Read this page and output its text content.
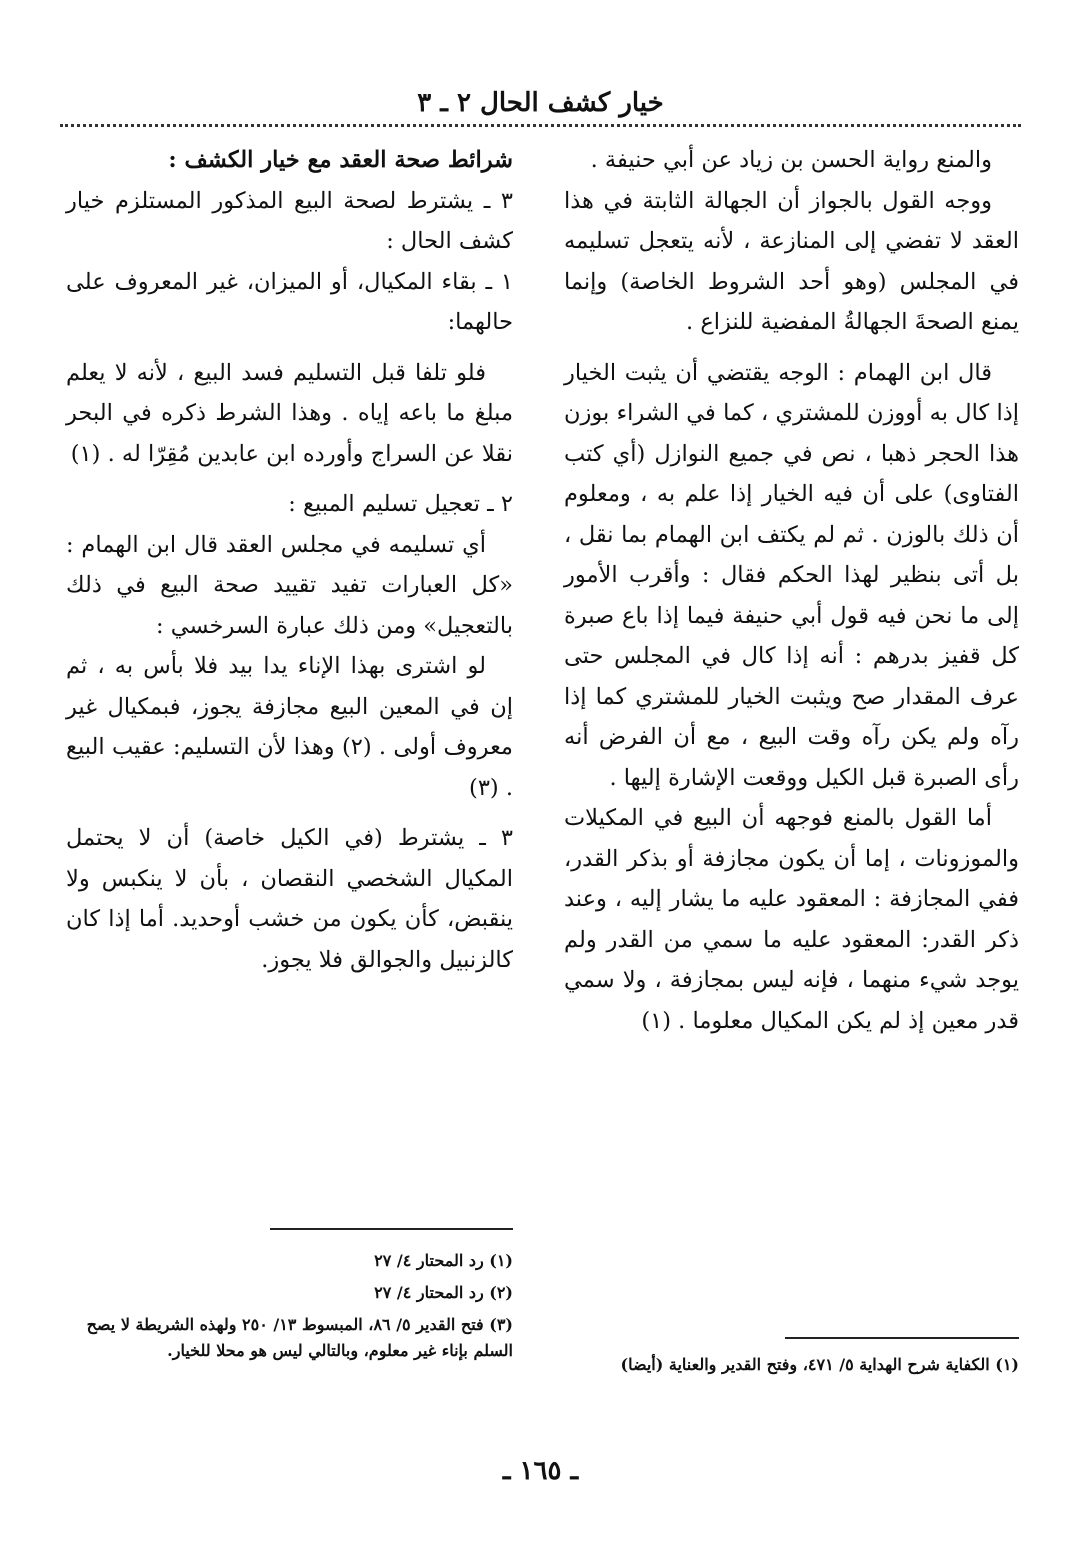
خيار كشف الحال ٢ ـ ٣

والمنع رواية الحسن بن زياد عن أبي حنيفة .

ووجه القول بالجواز أن الجهالة الثابتة في هذا العقد لا تفضي إلى المنازعة ، لأنه يتعجل تسليمه في المجلس (وهو أحد الشروط الخاصة) وإنما يمنع الصحةَ الجهالةُ المفضية للنزاع .

قال ابن الهمام : الوجه يقتضي أن يثبت الخيار إذا كال به أووزن للمشتري ، كما في الشراء بوزن هذا الحجر ذهبا ، نص في جميع النوازل (أي كتب الفتاوى) على أن فيه الخيار إذا علم به ، ومعلوم أن ذلك بالوزن . ثم لم يكتف ابن الهمام بما نقل ، بل أتى بنظير لهذا الحكم فقال : وأقرب الأمور إلى ما نحن فيه قول أبي حنيفة فيما إذا باع صبرة كل قفيز بدرهم : أنه إذا كال في المجلس حتى عرف المقدار صح ويثبت الخيار للمشتري كما إذا رآه ولم يكن رآه وقت البيع ، مع أن الفرض أنه رأى الصبرة قبل الكيل ووقعت الإشارة إليها .

أما القول بالمنع فوجهه أن البيع في المكيلات والموزونات ، إما أن يكون مجازفة أو بذكر القدر، ففي المجازفة : المعقود عليه ما يشار إليه ، وعند ذكر القدر: المعقود عليه ما سمي من القدر ولم يوجد شيء منهما ، فإنه ليس بمجازفة ، ولا سمي قدر معين إذ لم يكن المكيال معلوما . (١)

شرائط صحة العقد مع خيار الكشف :

٣ ـ يشترط لصحة البيع المذكور المستلزم خيار كشف الحال :

١ ـ بقاء المكيال، أو الميزان، غير المعروف على حالهما:

فلو تلفا قبل التسليم فسد البيع ، لأنه لا يعلم مبلغ ما باعه إياه . وهذا الشرط ذكره في البحر نقلا عن السراج وأورده ابن عابدين مُقِرّا له . (١)

٢ ـ تعجيل تسليم المبيع :

أي تسليمه في مجلس العقد قال ابن الهمام : «كل العبارات تفيد تقييد صحة البيع في ذلك بالتعجيل» ومن ذلك عبارة السرخسي :

لو اشترى بهذا الإناء يدا بيد فلا بأس به ، ثم إن في المعين البيع مجازفة يجوز، فبمكيال غير معروف أولى . (٢) وهذا لأن التسليم: عقيب البيع . (٣)

٣ ـ يشترط (في الكيل خاصة) أن لا يحتمل المكيال الشخصي النقصان ، بأن لا ينكبس ولا ينقبض، كأن يكون من خشب أوحديد. أما إذا كان كالزنبيل والجوالق فلا يجوز.

(١) الكفاية شرح الهداية ٥/ ٤٧١، وفتح القدير والعناية (أيضا)

(١) رد المحتار ٤/ ٢٧

(٢) رد المحتار ٤/ ٢٧

(٣) فتح القدير ٥/ ٨٦، المبسوط ١٣/ ٢٥٠ ولهذه الشريطة لا يصح السلم بإناء غير معلوم، وبالتالي ليس هو محلا للخيار.

ـ ١٦٥ ـ
